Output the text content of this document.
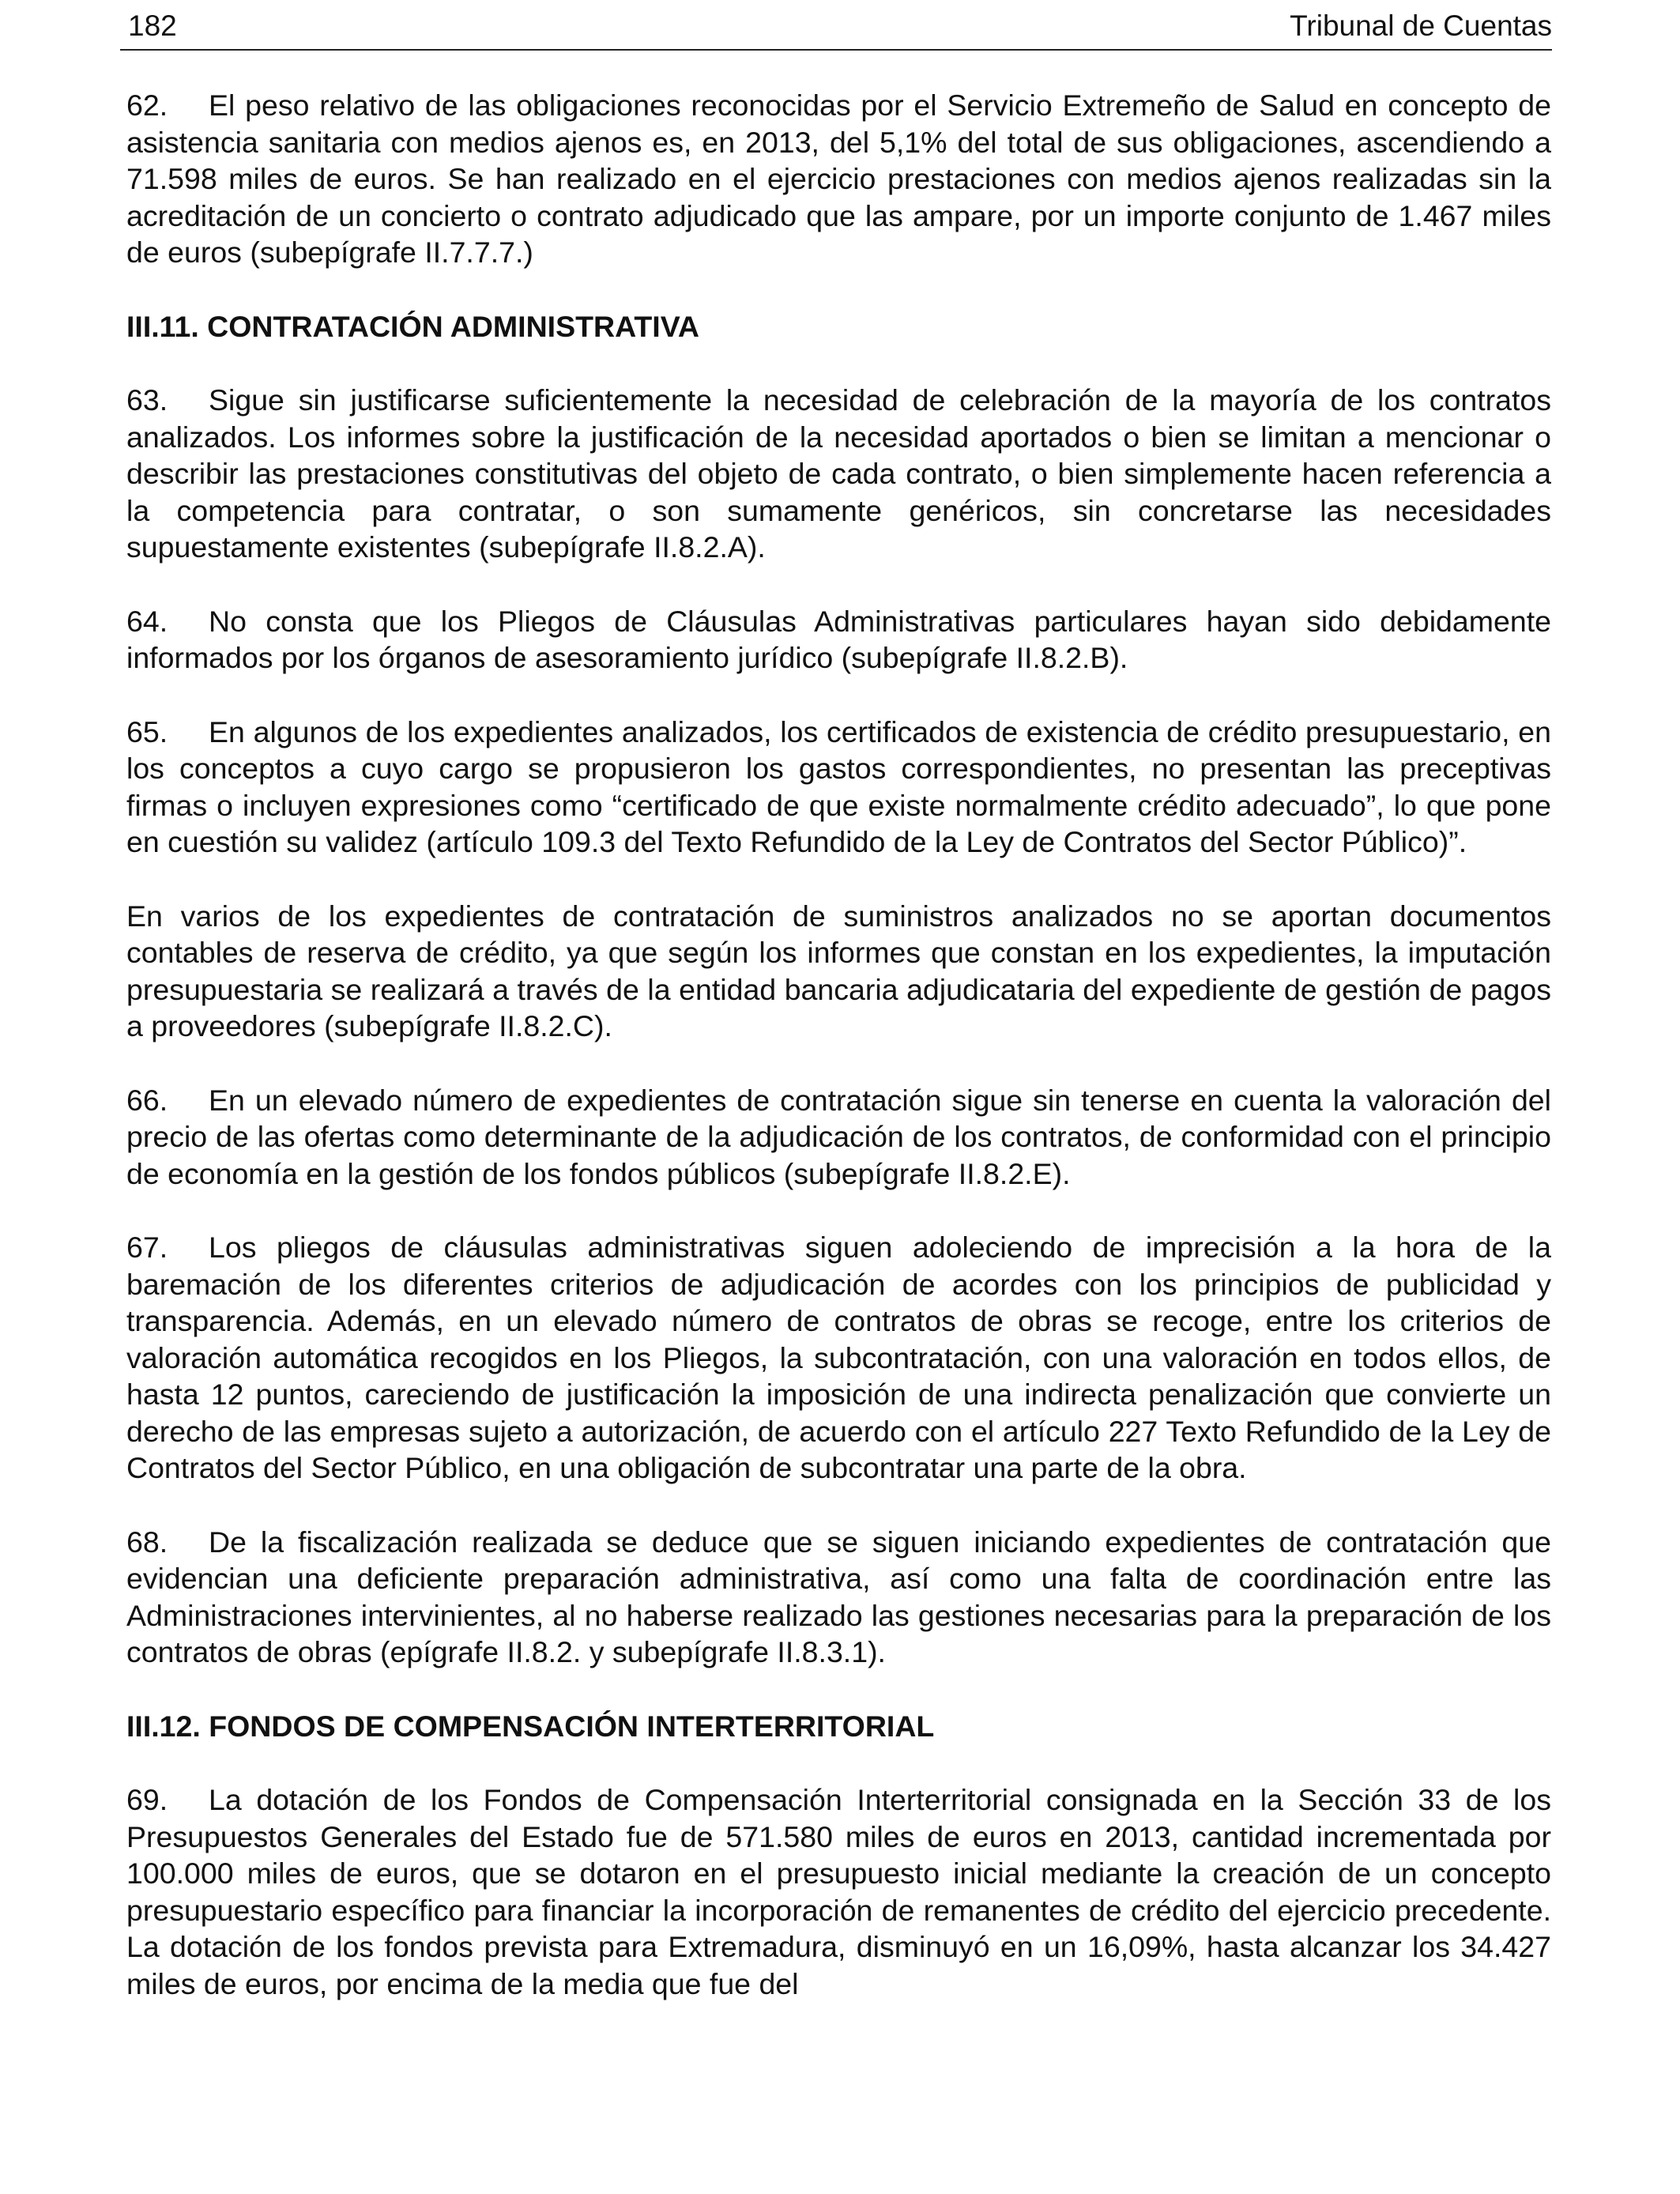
182	Tribunal de Cuentas

62. El peso relativo de las obligaciones reconocidas por el Servicio Extremeño de Salud en concepto de asistencia sanitaria con medios ajenos es, en 2013, del 5,1% del total de sus obligaciones, ascendiendo a 71.598 miles de euros. Se han realizado en el ejercicio prestaciones con medios ajenos realizadas sin la acreditación de un concierto o contrato adjudicado que las ampare, por un importe conjunto de 1.467 miles de euros (subepígrafe II.7.7.7.)

III.11. CONTRATACIÓN ADMINISTRATIVA

63. Sigue sin justificarse suficientemente la necesidad de celebración de la mayoría de los contratos analizados. Los informes sobre la justificación de la necesidad aportados o bien se limitan a mencionar o describir las prestaciones constitutivas del objeto de cada contrato, o bien simplemente hacen referencia a la competencia para contratar, o son sumamente genéricos, sin concretarse las necesidades supuestamente existentes (subepígrafe II.8.2.A).

64. No consta que los Pliegos de Cláusulas Administrativas particulares hayan sido debidamente informados por los órganos de asesoramiento jurídico (subepígrafe II.8.2.B).

65. En algunos de los expedientes analizados, los certificados de existencia de crédito presupuestario, en los conceptos a cuyo cargo se propusieron los gastos correspondientes, no presentan las preceptivas firmas o incluyen expresiones como “certificado de que existe normalmente crédito adecuado”, lo que pone en cuestión su validez (artículo 109.3 del Texto Refundido de la Ley de Contratos del Sector Público)”.

En varios de los expedientes de contratación de suministros analizados no se aportan documentos contables de reserva de crédito, ya que según los informes que constan en los expedientes, la imputación presupuestaria se realizará a través de la entidad bancaria adjudicataria del expediente de gestión de pagos a proveedores (subepígrafe II.8.2.C).

66. En un elevado número de expedientes de contratación sigue sin tenerse en cuenta la valoración del precio de las ofertas como determinante de la adjudicación de los contratos, de conformidad con el principio de economía en la gestión de los fondos públicos (subepígrafe II.8.2.E).

67. Los pliegos de cláusulas administrativas siguen adoleciendo de imprecisión a la hora de la baremación de los diferentes criterios de adjudicación de acordes con los principios de publicidad y transparencia. Además, en un elevado número de contratos de obras se recoge, entre los criterios de valoración automática recogidos en los Pliegos, la subcontratación, con una valoración en todos ellos, de hasta 12 puntos, careciendo de justificación la imposición de una indirecta penalización que convierte un derecho de las empresas sujeto a autorización, de acuerdo con el artículo 227 Texto Refundido de la Ley de Contratos del Sector Público, en una obligación de subcontratar una parte de la obra.

68. De la fiscalización realizada se deduce que se siguen iniciando expedientes de contratación que evidencian una deficiente preparación administrativa, así como una falta de coordinación entre las Administraciones intervinientes, al no haberse realizado las gestiones necesarias para la preparación de los contratos de obras (epígrafe II.8.2. y subepígrafe II.8.3.1).

III.12. FONDOS DE COMPENSACIÓN INTERTERRITORIAL

69. La dotación de los Fondos de Compensación Interterritorial consignada en la Sección 33 de los Presupuestos Generales del Estado fue de 571.580 miles de euros en 2013, cantidad incrementada por 100.000 miles de euros, que se dotaron en el presupuesto inicial mediante la creación de un concepto presupuestario específico para financiar la incorporación de remanentes de crédito del ejercicio precedente. La dotación de los fondos prevista para Extremadura, disminuyó en un 16,09%, hasta alcanzar los 34.427 miles de euros, por encima de la media que fue del
